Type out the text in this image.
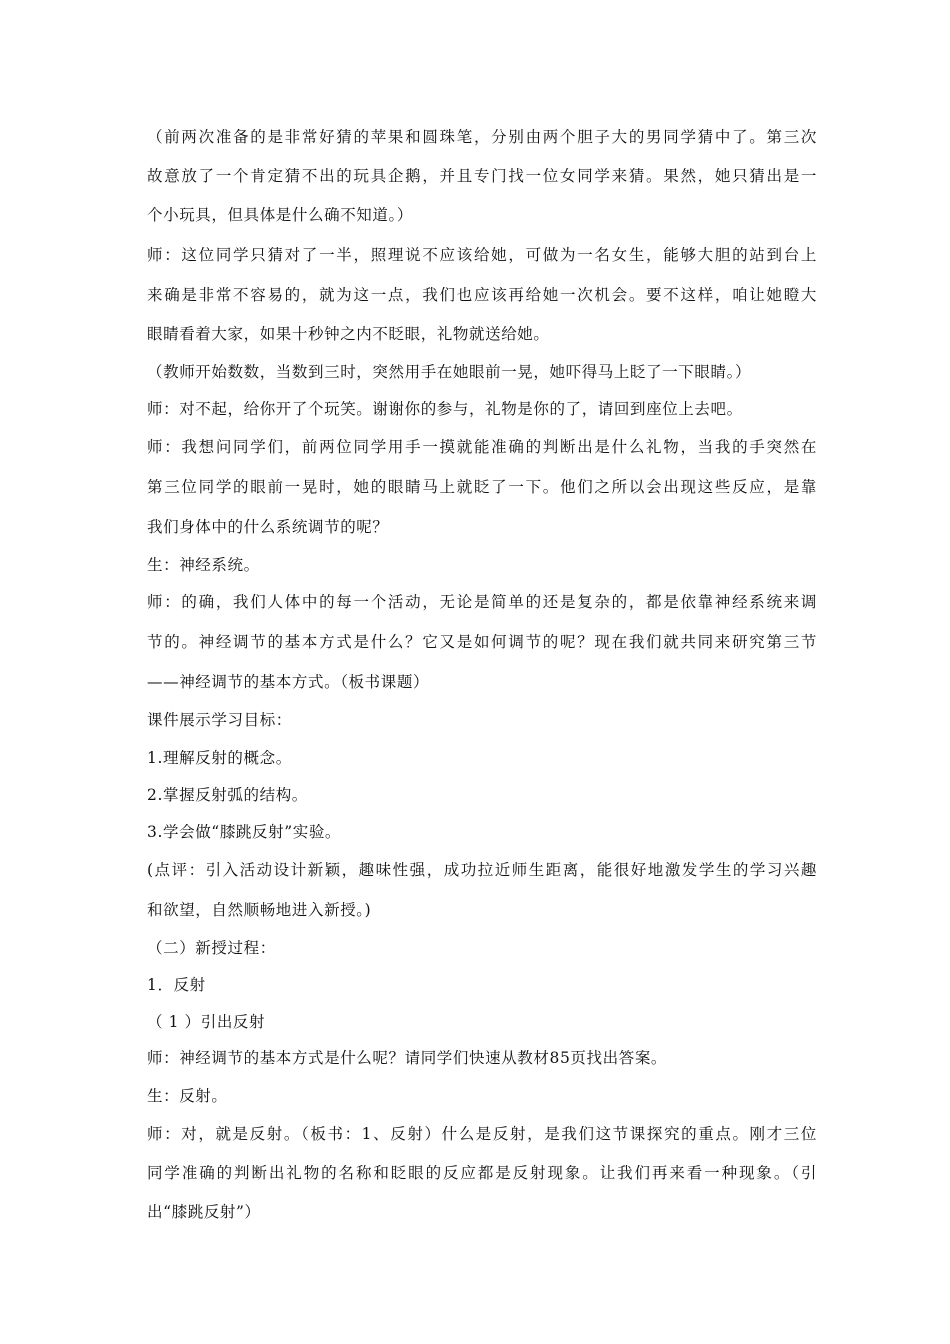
（前两次准备的是非常好猜的苹果和圆珠笔，分别由两个胆子大的男同学猜中了。第三次
故意放了一个肯定猜不出的玩具企鹅，并且专门找一位女同学来猜。果然，她只猜出是一
个小玩具，但具体是什么确不知道。）
师：这位同学只猜对了一半，照理说不应该给她，可做为一名女生，能够大胆的站到台上
来确是非常不容易的，就为这一点，我们也应该再给她一次机会。要不这样，咱让她瞪大
眼睛看着大家，如果十秒钟之内不眨眼，礼物就送给她。
（教师开始数数，当数到三时，突然用手在她眼前一晃，她吓得马上眨了一下眼睛。）
师：对不起，给你开了个玩笑。谢谢你的参与，礼物是你的了，请回到座位上去吧。
师：我想问同学们，前两位同学用手一摸就能准确的判断出是什么礼物，当我的手突然在
第三位同学的眼前一晃时，她的眼睛马上就眨了一下。他们之所以会出现这些反应，是靠
我们身体中的什么系统调节的呢？
生：神经系统。
师：的确，我们人体中的每一个活动，无论是简单的还是复杂的，都是依靠神经系统来调
节的。神经调节的基本方式是什么？它又是如何调节的呢？现在我们就共同来研究第三节
——神经调节的基本方式。（板书课题）
课件展示学习目标：
1.理解反射的概念。
2.掌握反射弧的结构。
3.学会做“膝跳反射”实验。
(点评：引入活动设计新颖，趣味性强，成功拉近师生距离，能很好地激发学生的学习兴趣
和欲望，自然顺畅地进入新授。)
（二）新授过程：
1．反射
（ 1 ）引出反射
师：神经调节的基本方式是什么呢？请同学们快速从教材85页找出答案。
生：反射。
师：对，就是反射。（板书：1、反射）什么是反射，是我们这节课探究的重点。刚才三位
同学准确的判断出礼物的名称和眨眼的反应都是反射现象。让我们再来看一种现象。（引
出“膝跳反射”）
